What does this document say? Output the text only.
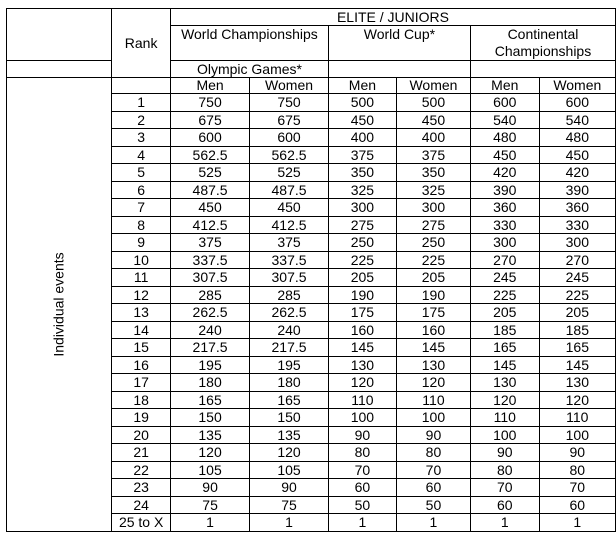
	Rank	ELITE / JUNIORS					
		World Championships		World Cup*		Continental Championships	
		Olympic Games*					
Individual events		Men	Women	Men	Women	Men	Women
	1	750	750	500	500	600	600
	2	675	675	450	450	540	540
	3	600	600	400	400	480	480
	4	562.5	562.5	375	375	450	450
	5	525	525	350	350	420	420
	6	487.5	487.5	325	325	390	390
	7	450	450	300	300	360	360
	8	412.5	412.5	275	275	330	330
	9	375	375	250	250	300	300
	10	337.5	337.5	225	225	270	270
	11	307.5	307.5	205	205	245	245
	12	285	285	190	190	225	225
	13	262.5	262.5	175	175	205	205
	14	240	240	160	160	185	185
	15	217.5	217.5	145	145	165	165
	16	195	195	130	130	145	145
	17	180	180	120	120	130	130
	18	165	165	110	110	120	120
	19	150	150	100	100	110	110
	20	135	135	90	90	100	100
	21	120	120	80	80	90	90
	22	105	105	70	70	80	80
	23	90	90	60	60	70	70
	24	75	75	50	50	60	60
	25 to X	1	1	1	1	1	1
